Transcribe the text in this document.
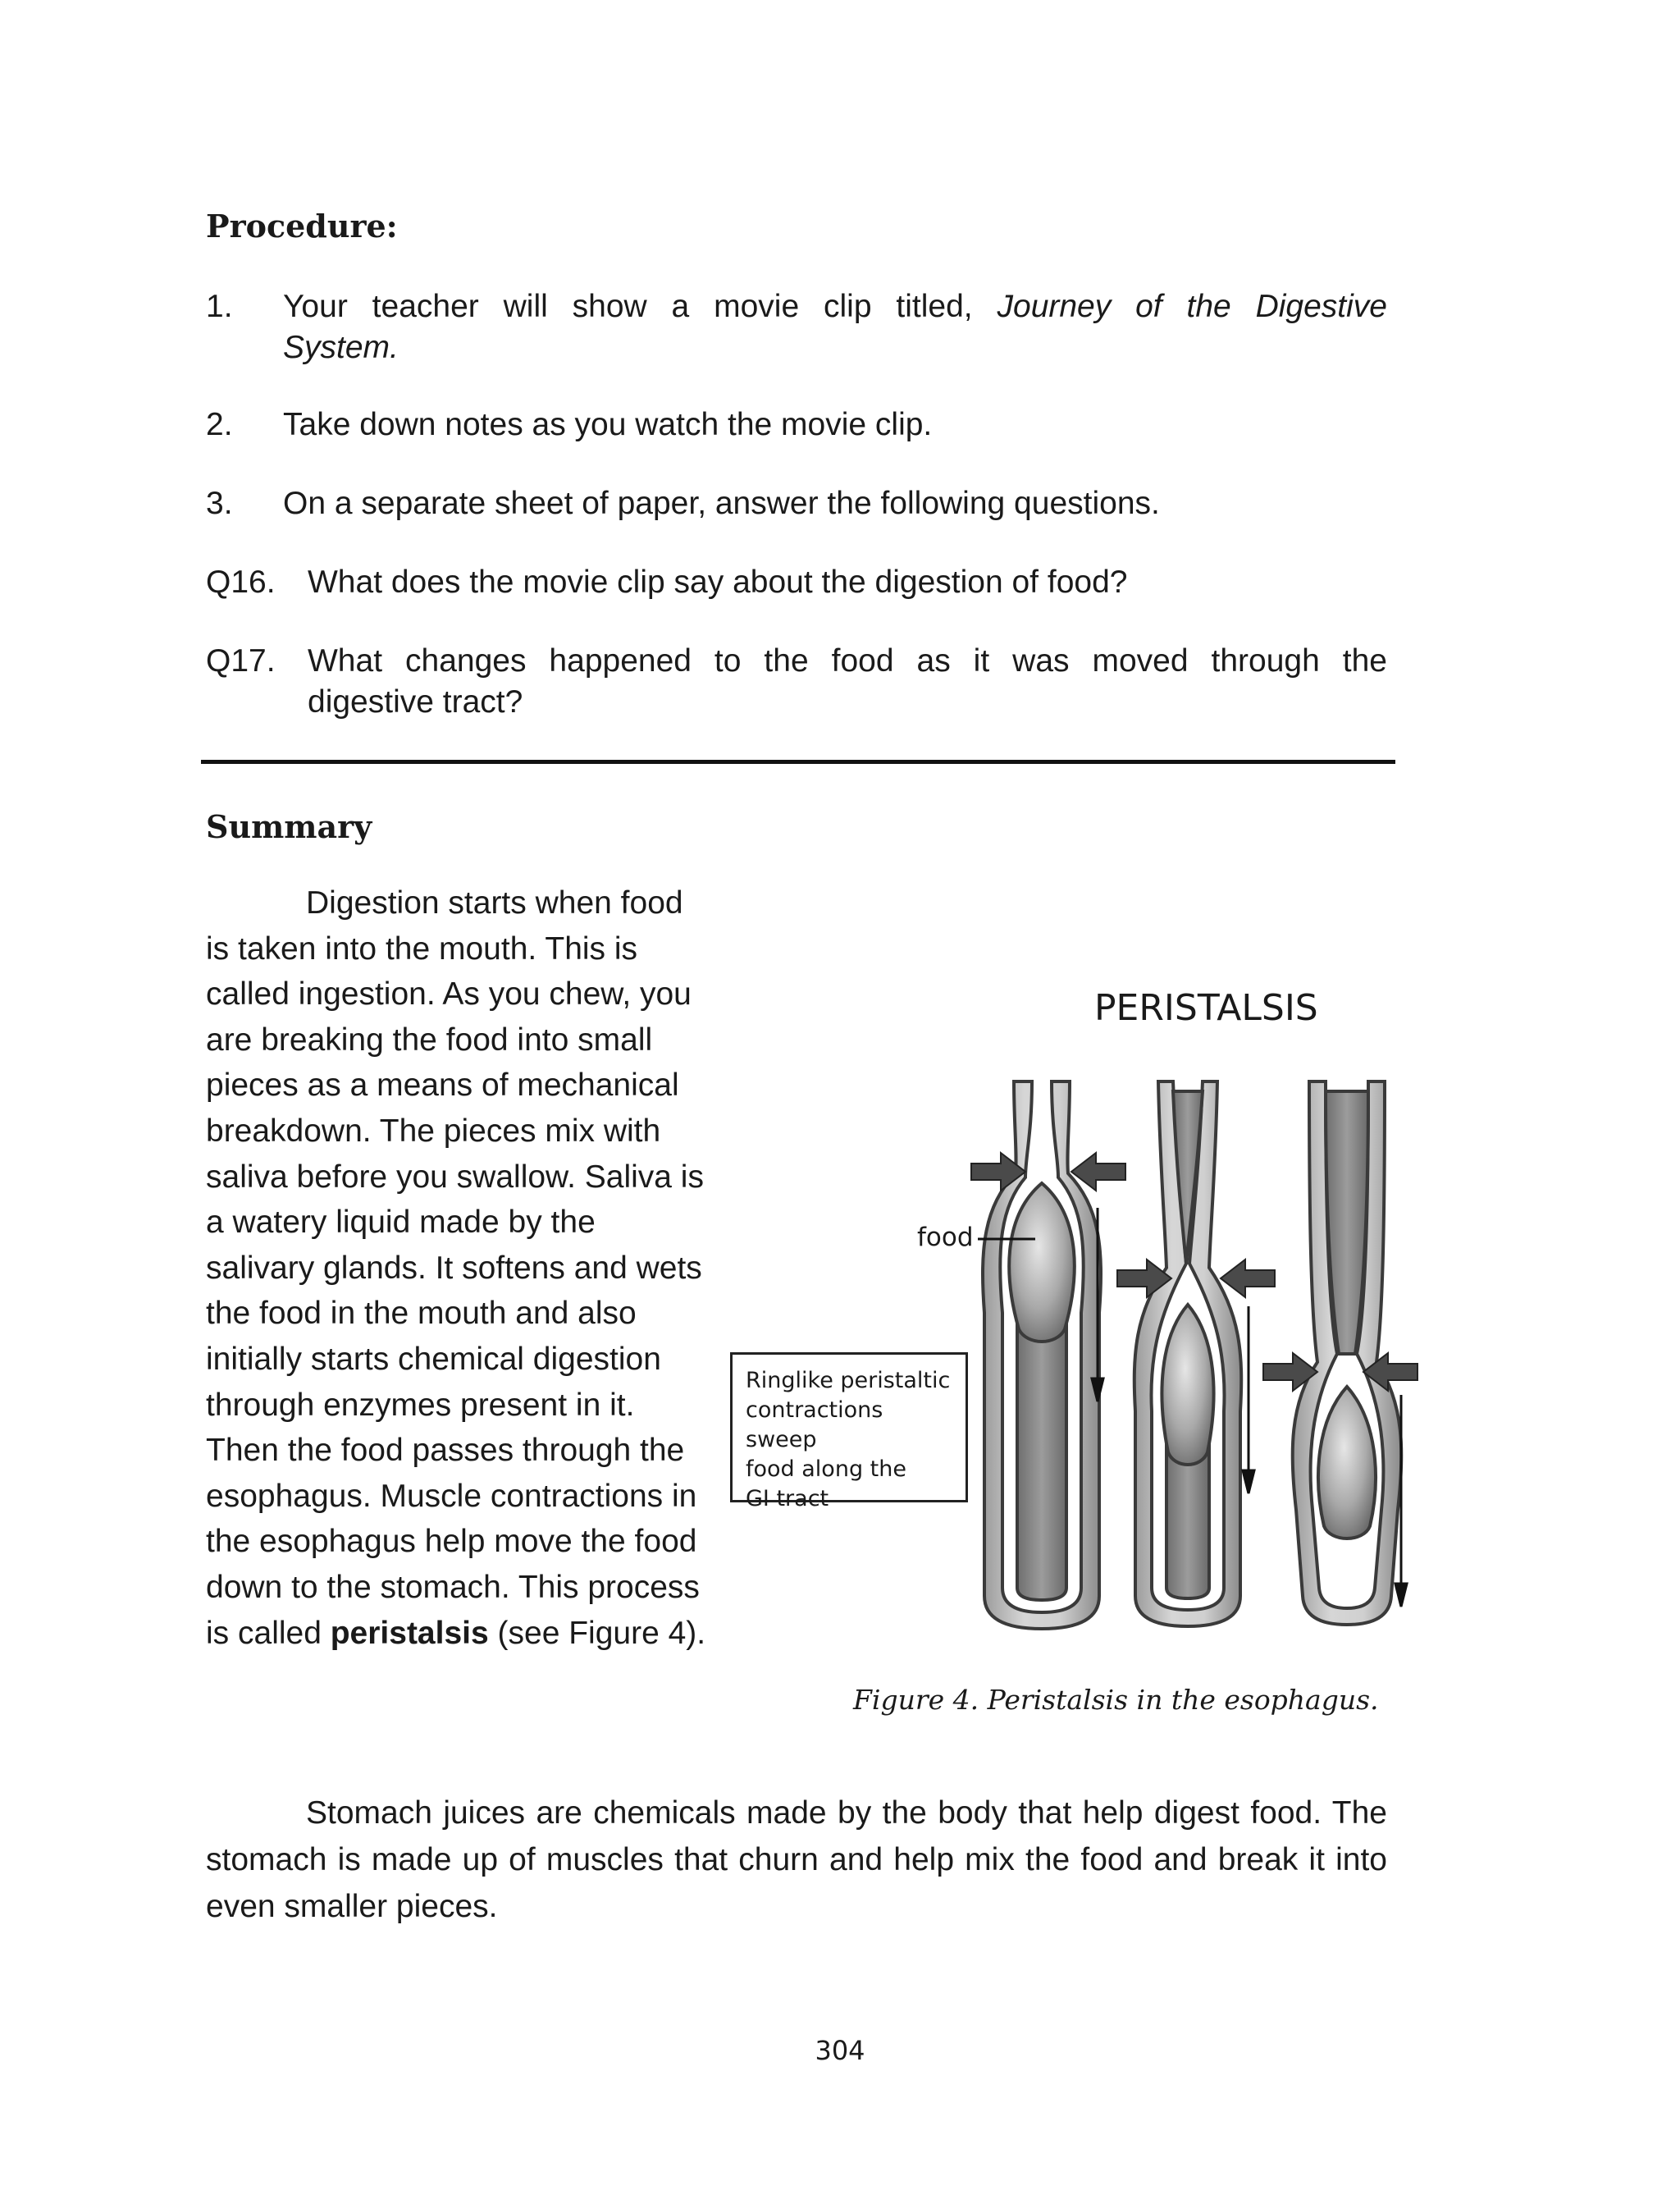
Procedure:
1. Your teacher will show a movie clip titled, Journey of the Digestive
System.
2. Take down notes as you watch the movie clip.
3. On a separate sheet of paper, answer the following questions.
Q16. What does the movie clip say about the digestion of food?
Q17. What changes happened to the food as it was moved through the
digestive tract?
Summary

Digestion starts when food is taken into the mouth. This is called ingestion. As you chew, you are breaking the food into small pieces as a means of mechanical breakdown. The pieces mix with saliva before you swallow. Saliva is a watery liquid made by the salivary glands. It softens and wets the food in the mouth and also initially starts chemical digestion through enzymes present in it. Then the food passes through the esophagus. Muscle contractions in the esophagus help move the food down to the stomach. This process is called peristalsis (see Figure 4).

Stomach juices are chemicals made by the body that help digest food. The stomach is made up of muscles that churn and help mix the food and break it into even smaller pieces.

PERISTALSIS
food
Ringlike peristaltic
contractions sweep
food along the
GI tract
Figure 4. Peristalsis in the esophagus.
304
